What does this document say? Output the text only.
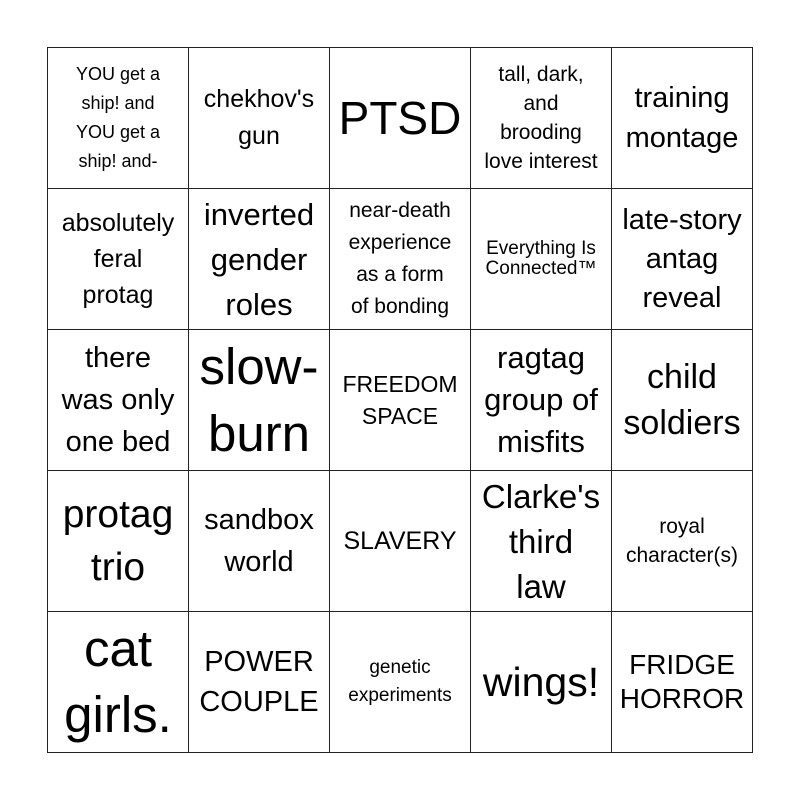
YOU get a
ship! and
YOU get a
ship! and-
chekhov's
gun	PTSD
tall, dark,
and
brooding
love interest
training
montage
absolutely
feral
protag
inverted
gender
roles
near-death
experience
as a form
of bonding
Everything Is
Connected™
late-story
antag
reveal
there
was only
one bed
slow-
burn
FREEDOM
SPACE
ragtag
group of
misfits
child
soldiers
protag
trio
sandbox
world
SLAVERY
Clarke's
third
law
royal
character(s)
cat
girls.
POWER
COUPLE
genetic
experiments wings!	FRIDGE
HORROR
